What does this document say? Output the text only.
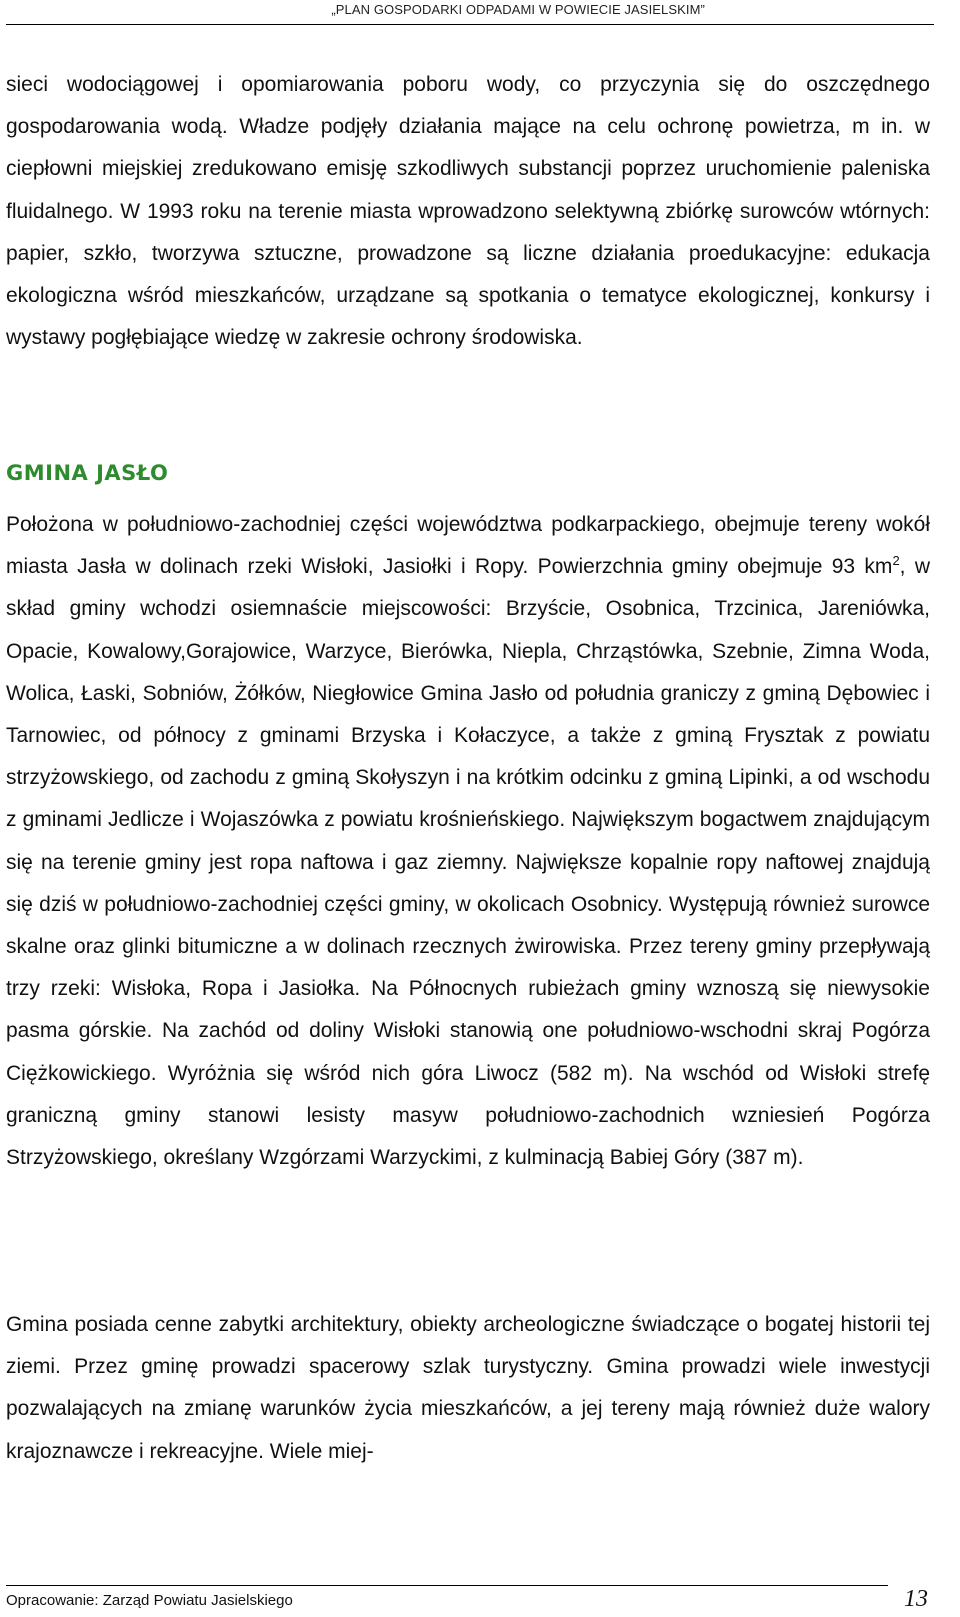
„PLAN GOSPODARKI ODPADAMI W POWIECIE JASIELSKIM”

sieci wodociągowej i opomiarowania poboru wody, co przyczynia się do oszczędnego gospodarowania wodą. Władze podjęły działania mające na celu ochronę powietrza, m in. w ciepłowni miejskiej zredukowano emisję szkodliwych substancji poprzez uruchomienie paleniska fluidalnego. W 1993 roku na terenie miasta wprowadzono selektywną zbiórkę surowców wtórnych: papier, szkło, tworzywa sztuczne, prowadzone są liczne działania proedukacyjne: edukacja ekologiczna wśród mieszkańców, urządzane są spotkania o tematyce ekologicznej, konkursy i wystawy pogłębiające wiedzę w zakresie ochrony środowiska.

GMINA JASŁO

Położona w południowo-zachodniej części województwa podkarpackiego, obejmuje tereny wokół miasta Jasła w dolinach rzeki Wisłoki, Jasiołki i Ropy. Powierzchnia gminy obejmuje 93 $km^2$, w skład gminy wchodzi osiemnaście miejscowości: Brzyście, Osobnica, Trzcinica, Jareniówka, Opacie, Kowalowy,Gorajowice, Warzyce, Bierówka, Niepla, Chrząstówka, Szebnie, Zimna Woda, Wolica, Łaski, Sobniów, Żółków, Niegłowice Gmina Jasło od południa graniczy z gminą Dębowiec i Tarnowiec, od północy z gminami Brzyska i Kołaczyce, a także z gminą Frysztak z powiatu strzyżowskiego, od zachodu z gminą Skołyszyn i na krótkim odcinku z gminą Lipinki, a od wschodu z gminami Jedlicze i Wojaszówka z powiatu krośnieńskiego. Największym bogactwem znajdującym się na terenie gminy jest ropa naftowa i gaz ziemny. Największe kopalnie ropy naftowej znajdują się dziś w południowo-zachodniej części gminy, w okolicach Osobnicy. Występują również surowce skalne oraz glinki bitumiczne a w dolinach rzecznych żwirowiska. Przez tereny gminy przepływają trzy rzeki: Wisłoka, Ropa i Jasiołka. Na Północnych rubieżach gminy wznoszą się niewysokie pasma górskie. Na zachód od doliny Wisłoki stanowią one południowo-wschodni skraj Pogórza Ciężkowickiego. Wyróżnia się wśród nich góra Liwocz (582 m). Na wschód od Wisłoki strefę graniczną gminy stanowi lesisty masyw południowo-zachodnich wzniesień Pogórza Strzyżowskiego, określany Wzgórzami Warzyckimi, z kulminacją Babiej Góry (387 m).

Gmina posiada cenne zabytki architektury, obiekty archeologiczne świadczące o bogatej historii tej ziemi. Przez gminę prowadzi spacerowy szlak turystyczny. Gmina prowadzi wiele inwestycji pozwalających na zmianę warunków życia mieszkańców, a jej tereny mają również duże walory krajoznawcze i rekreacyjne. Wiele miej-

Opracowanie: Zarząd Powiatu Jasielskiego	13
